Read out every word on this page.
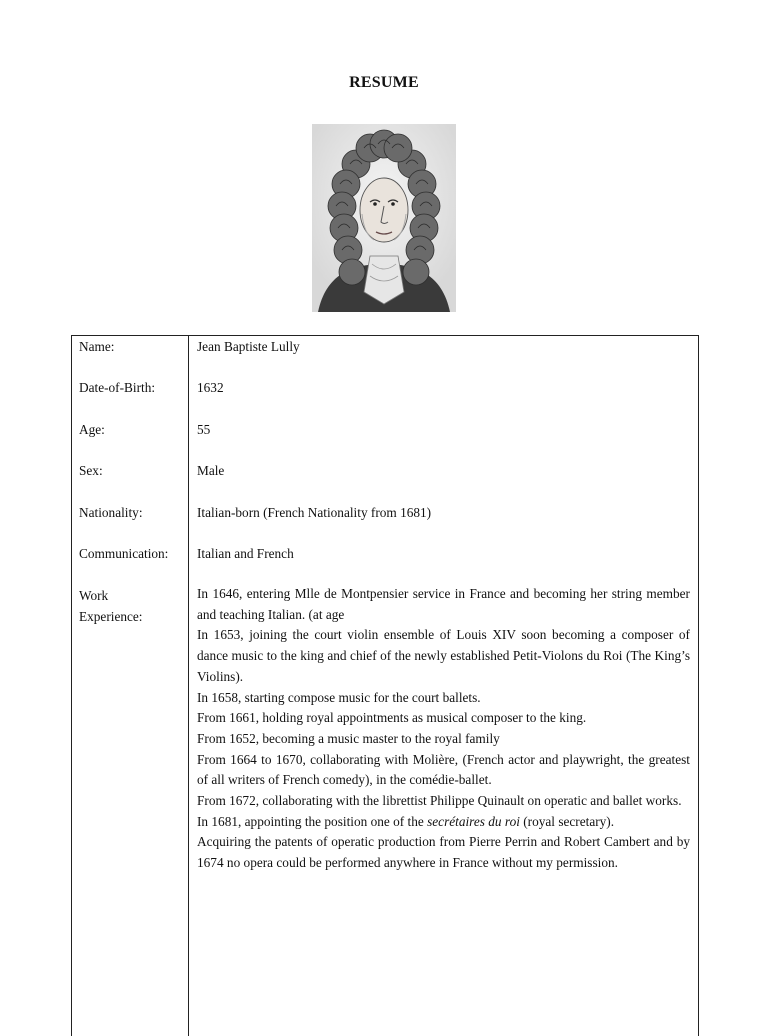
RESUME
Name:	Jean Baptiste Lully
Date-of-Birth:	1632
Age:	55
Sex:	Male
Nationality:	Italian-born (French Nationality from 1681)
Communication: Italian and French
Work
Experience:

In 1646, entering Mlle de Montpensier service in France and becoming her string member and teaching Italian. (at age

In 1653, joining the court violin ensemble of Louis XIV soon becoming a composer of dance music to the king and chief of the newly established Petit-Violons du Roi (The King’s Violins).

In 1658, starting compose music for the court ballets.

From 1661, holding royal appointments as musical composer to the king.

From 1652, becoming a music master to the royal family

From 1664 to 1670, collaborating with Molière, (French actor and playwright, the greatest of all writers of French comedy), in the comédie-ballet.

From 1672, collaborating with the librettist Philippe Quinault on operatic and ballet works.

In 1681, appointing the position one of the secrétaires du roi (royal secretary).

Acquiring the patents of operatic production from Pierre Perrin and Robert Cambert and by 1674 no opera could be performed anywhere in France without my permission.
